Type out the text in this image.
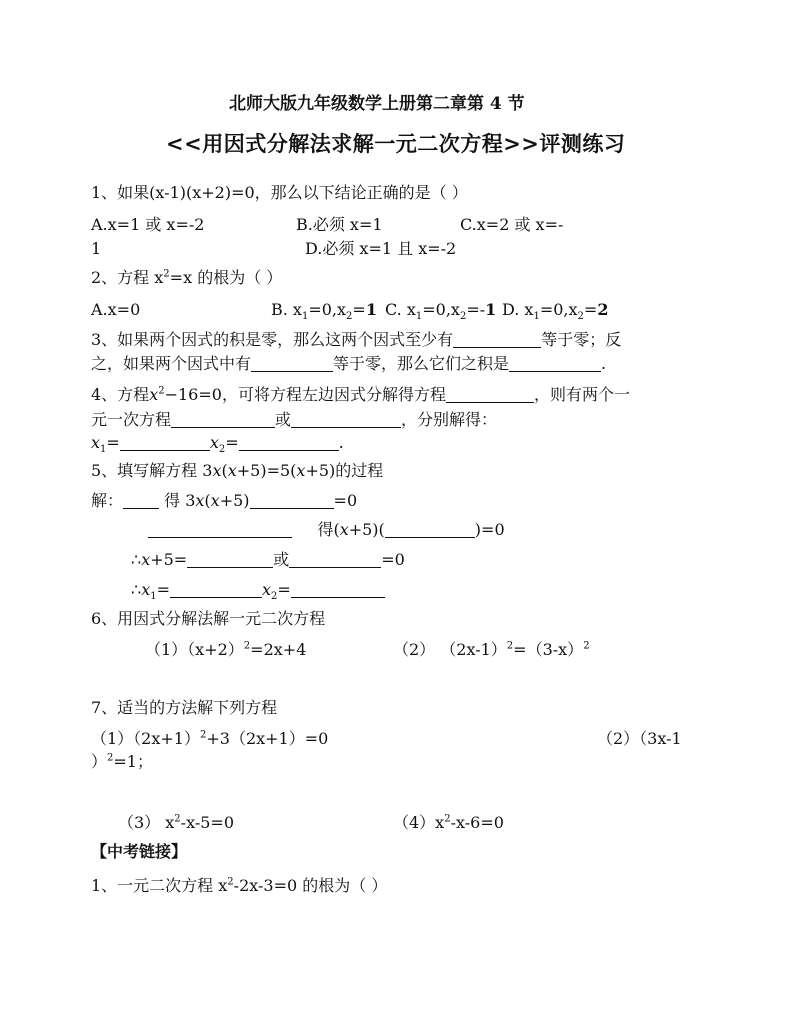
北师大版九年级数学上册第二章第 4 节
<<用因式分解法求解一元二次方程>>评测练习
1、如果(x-1)(x+2)=0，那么以下结论正确的是（ ）
A.x=1 或 x=-2	B.必须 x=1	C.x=2 或 x=-
1	D.必须 x=1 且 x=-2
2、方程 $x^2=x$ 的根为（ ）
A.x=0	B. $x_1=0,x_2=1$ C. $x_1=0,x_2=-1$ D. $x_1=0,x_2=2$
3、如果两个因式的积是零，那么这两个因式至少有	等于零；反
之，如果两个因式中有	等于零，那么它们之积是	.
4、方程$x^2-16=0$，可将方程左边因式分解得方程	，则有两个一
元一次方程	或	，分别解得：
$x_1=$	$x_2=$	.
5、填写解方程 3x(x+5)=5(x+5)的过程
解：	得 3x(x+5)	=0
得(x+5)(	)=0
∴x+5=	或	=0
$\therefore x_1=$	$x_2=$
6、用因式分解法解一元二次方程
$(1)(x+2)^2=2x+4$	（2） $(2x-1)^2=(3-x)^2$
7、适当的方法解下列方程
$(1)(2x+1)^2+3(2x+1)=0$	（2）（3x-1
）$^2$=1；
（3） $x^2-x-5=0$	$(4)x^2-x-6=0$
【中考链接】
1、一元二次方程 $x^2-2x-3=0$ 的根为（ ）
